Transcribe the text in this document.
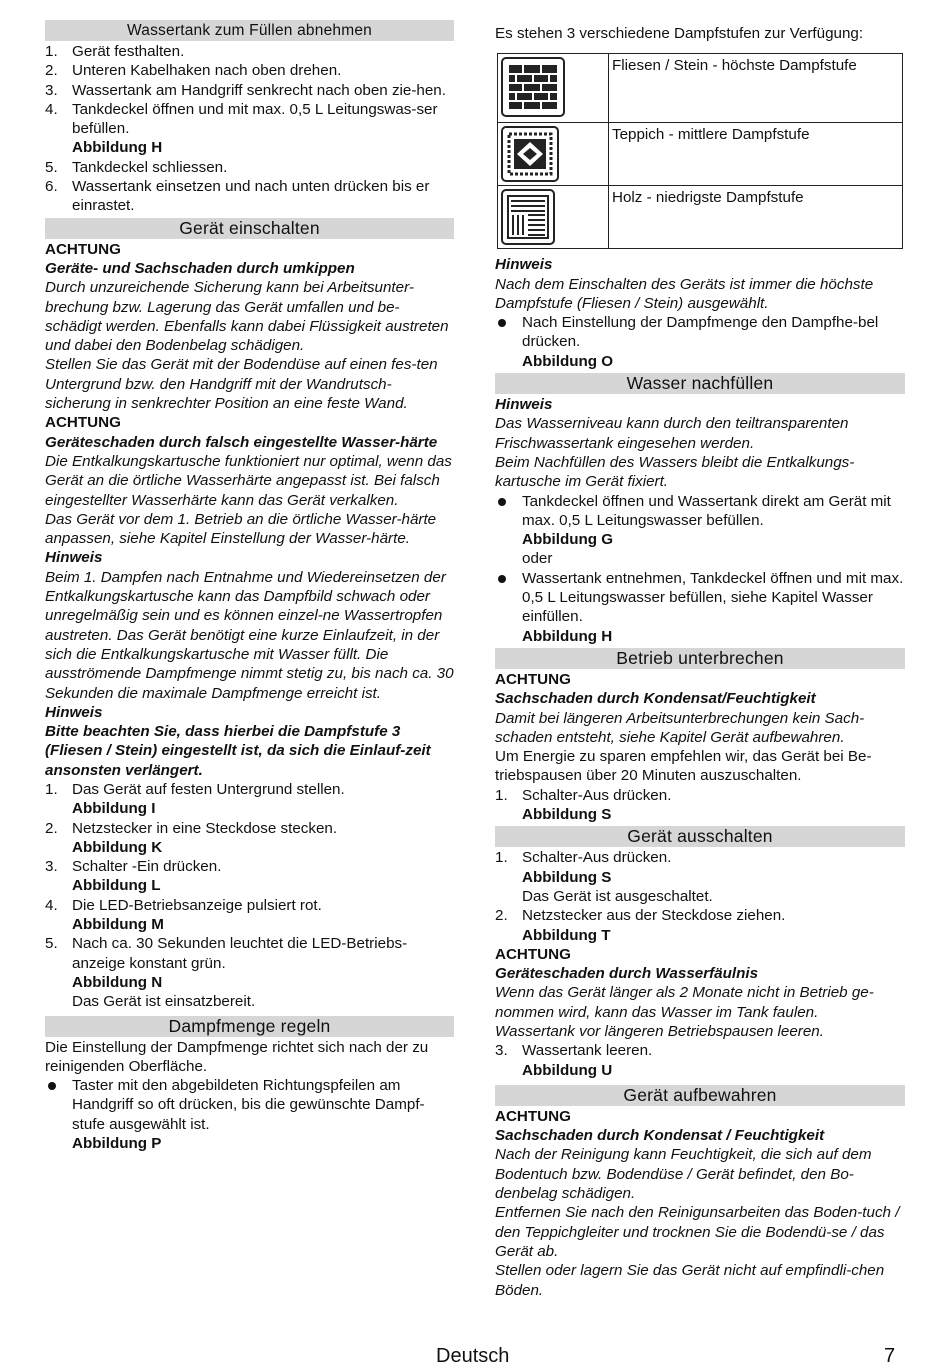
Wassertank zum Füllen abnehmen
1. Gerät festhalten.
2. Unteren Kabelhaken nach oben drehen.
3. Wassertank am Handgriff senkrecht nach oben zie-hen.
4. Tankdeckel öffnen und mit max. 0,5 L Leitungswas-ser befüllen.
Abbildung H
5. Tankdeckel schliessen.
6. Wassertank einsetzen und nach unten drücken bis er einrastet.
Gerät einschalten

ACHTUNG

Geräte- und Sachschaden durch umkippen

Durch unzureichende Sicherung kann bei Arbeitsunter-brechung bzw. Lagerung das Gerät umfallen und be-schädigt werden. Ebenfalls kann dabei Flüssigkeit austreten und dabei den Bodenbelag schädigen.

Stellen Sie das Gerät mit der Bodendüse auf einen fes-ten Untergrund bzw. den Handgriff mit der Wandrutsch-sicherung in senkrechter Position an eine feste Wand.

ACHTUNG

Geräteschaden durch falsch eingestellte Wasser-härte

Die Entkalkungskartusche funktioniert nur optimal, wenn das Gerät an die örtliche Wasserhärte angepasst ist. Bei falsch eingestellter Wasserhärte kann das Gerät verkalken.

Das Gerät vor dem 1. Betrieb an die örtliche Wasser-härte anpassen, siehe Kapitel Einstellung der Wasser-härte.

Hinweis

Beim 1. Dampfen nach Entnahme und Wiedereinsetzen der Entkalkungskartusche kann das Dampfbild schwach oder unregelmäßig sein und es können einzel-ne Wassertropfen austreten. Das Gerät benötigt eine kurze Einlaufzeit, in der sich die Entkalkungskartusche mit Wasser füllt. Die ausströmende Dampfmenge nimmt stetig zu, bis nach ca. 30 Sekunden die maximale Dampfmenge erreicht ist.

Hinweis

Bitte beachten Sie, dass hierbei die Dampfstufe 3 (Fliesen / Stein) eingestellt ist, da sich die Einlauf-zeit ansonsten verlängert.

1. Das Gerät auf festen Untergrund stellen.
Abbildung I
2. Netzstecker in eine Steckdose stecken.
Abbildung K
3. Schalter -Ein drücken.
Abbildung L
4. Die LED-Betriebsanzeige pulsiert rot.
Abbildung M
5. Nach ca. 30 Sekunden leuchtet die LED-Betriebs-anzeige konstant grün.
Abbildung N
Das Gerät ist einsatzbereit.
Dampfmenge regeln

Die Einstellung der Dampfmenge richtet sich nach der zu reinigenden Oberfläche.

Taster mit den abgebildeten Richtungspfeilen am Handgriff so oft drücken, bis die gewünschte Dampf-stufe ausgewählt ist.

Abbildung P

Es stehen 3 verschiedene Dampfstufen zur Verfügung:

	Fliesen / Stein - höchste Dampfstufe

	Teppich - mittlere Dampfstufe

	Holz - niedrigste Dampfstufe

Hinweis

Nach dem Einschalten des Geräts ist immer die höchste Dampfstufe (Fliesen / Stein) ausgewählt.

Nach Einstellung der Dampfmenge den Dampfhe-bel drücken.

Abbildung O

Wasser nachfüllen

Hinweis

Das Wasserniveau kann durch den teiltransparenten Frischwassertank eingesehen werden.

Beim Nachfüllen des Wassers bleibt die Entkalkungs-kartusche im Gerät fixiert.

Tankdeckel öffnen und Wassertank direkt am Gerät mit max. 0,5 L Leitungswasser befüllen.

Abbildung G

oder

Wassertank entnehmen, Tankdeckel öffnen und mit max. 0,5 L Leitungswasser befüllen, siehe Kapitel Wasser einfüllen.

Abbildung H

Betrieb unterbrechen

ACHTUNG

Sachschaden durch Kondensat/Feuchtigkeit

Damit bei längeren Arbeitsunterbrechungen kein Sach-schaden entsteht, siehe Kapitel Gerät aufbewahren.

Um Energie zu sparen empfehlen wir, das Gerät bei Be-triebspausen über 20 Minuten auszuschalten.

1. Schalter-Aus drücken.

Abbildung S

Gerät ausschalten
1. Schalter-Aus drücken.
Abbildung S
Das Gerät ist ausgeschaltet.
2. Netzstecker aus der Steckdose ziehen.
Abbildung T

ACHTUNG

Geräteschaden durch Wasserfäulnis

Wenn das Gerät länger als 2 Monate nicht in Betrieb ge-nommen wird, kann das Wasser im Tank faulen.

Wassertank vor längeren Betriebspausen leeren.

3. Wassertank leeren.

Abbildung U

Gerät aufbewahren

ACHTUNG

Sachschaden durch Kondensat / Feuchtigkeit

Nach der Reinigung kann Feuchtigkeit, die sich auf dem Bodentuch bzw. Bodendüse / Gerät befindet, den Bo-denbelag schädigen.

Entfernen Sie nach den Reinigunsarbeiten das Boden-tuch / den Teppichgleiter und trocknen Sie die Bodendü-se / das Gerät ab.

Stellen oder lagern Sie das Gerät nicht auf empfindli-chen Böden.

Deutsch	7
